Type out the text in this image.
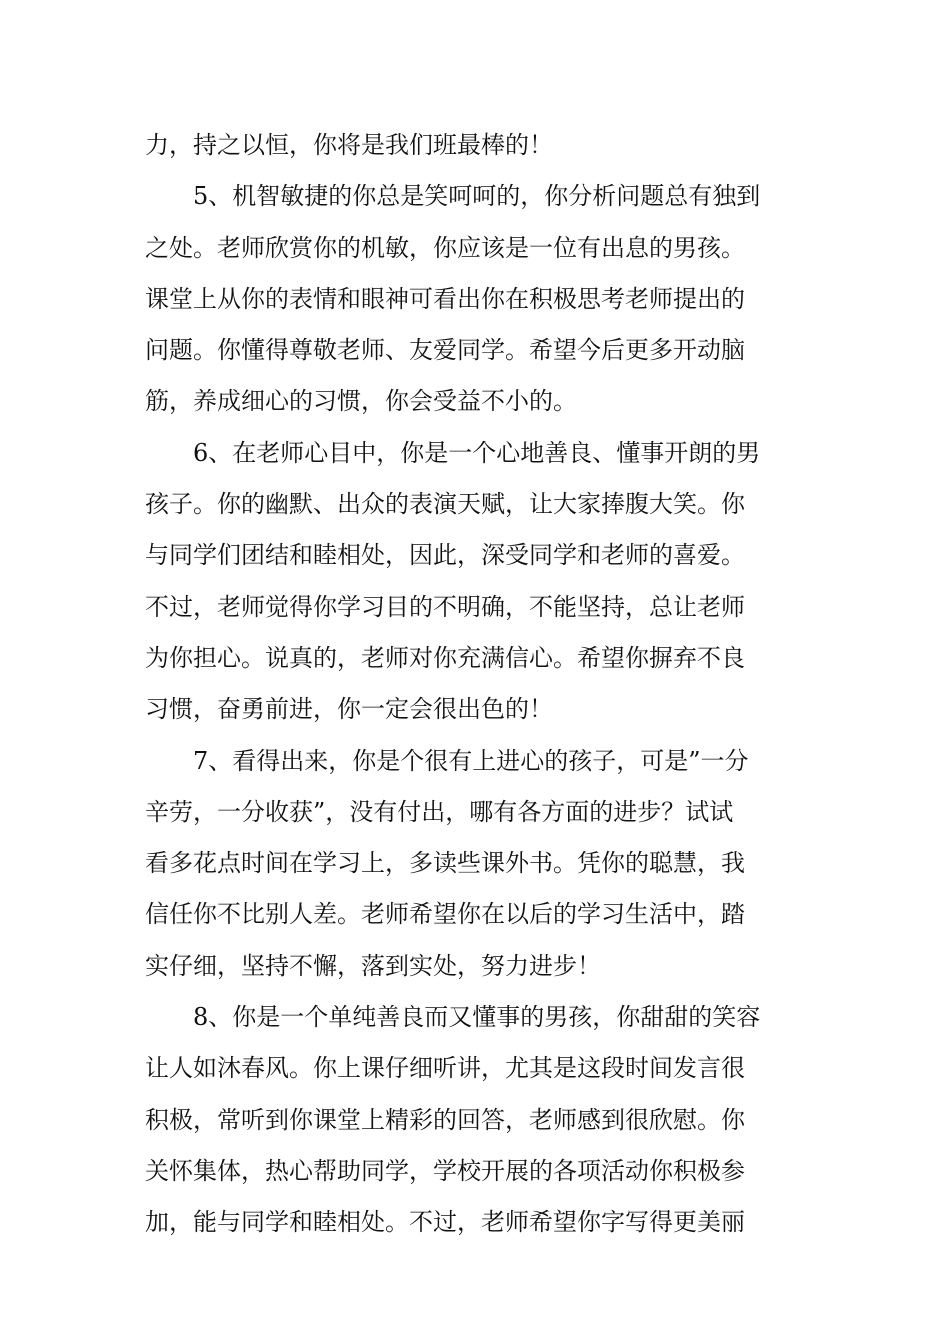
力，持之以恒，你将是我们班最棒的！
5、机智敏捷的你总是笑呵呵的，你分析问题总有独到
之处。老师欣赏你的机敏，你应该是一位有出息的男孩。
课堂上从你的表情和眼神可看出你在积极思考老师提出的
问题。你懂得尊敬老师、友爱同学。希望今后更多开动脑
筋，养成细心的习惯，你会受益不小的。
6、在老师心目中，你是一个心地善良、懂事开朗的男
孩子。你的幽默、出众的表演天赋，让大家捧腹大笑。你
与同学们团结和睦相处，因此，深受同学和老师的喜爱。
不过，老师觉得你学习目的不明确，不能坚持，总让老师
为你担心。说真的，老师对你充满信心。希望你摒弃不良
习惯，奋勇前进，你一定会很出色的！
7、看得出来，你是个很有上进心的孩子，可是”一分
辛劳，一分收获”，没有付出，哪有各方面的进步？试试
看多花点时间在学习上，多读些课外书。凭你的聪慧，我
信任你不比别人差。老师希望你在以后的学习生活中，踏
实仔细，坚持不懈，落到实处，努力进步！
8、你是一个单纯善良而又懂事的男孩，你甜甜的笑容
让人如沐春风。你上课仔细听讲，尤其是这段时间发言很
积极，常听到你课堂上精彩的回答，老师感到很欣慰。你
关怀集体，热心帮助同学，学校开展的各项活动你积极参
加，能与同学和睦相处。不过，老师希望你字写得更美丽
